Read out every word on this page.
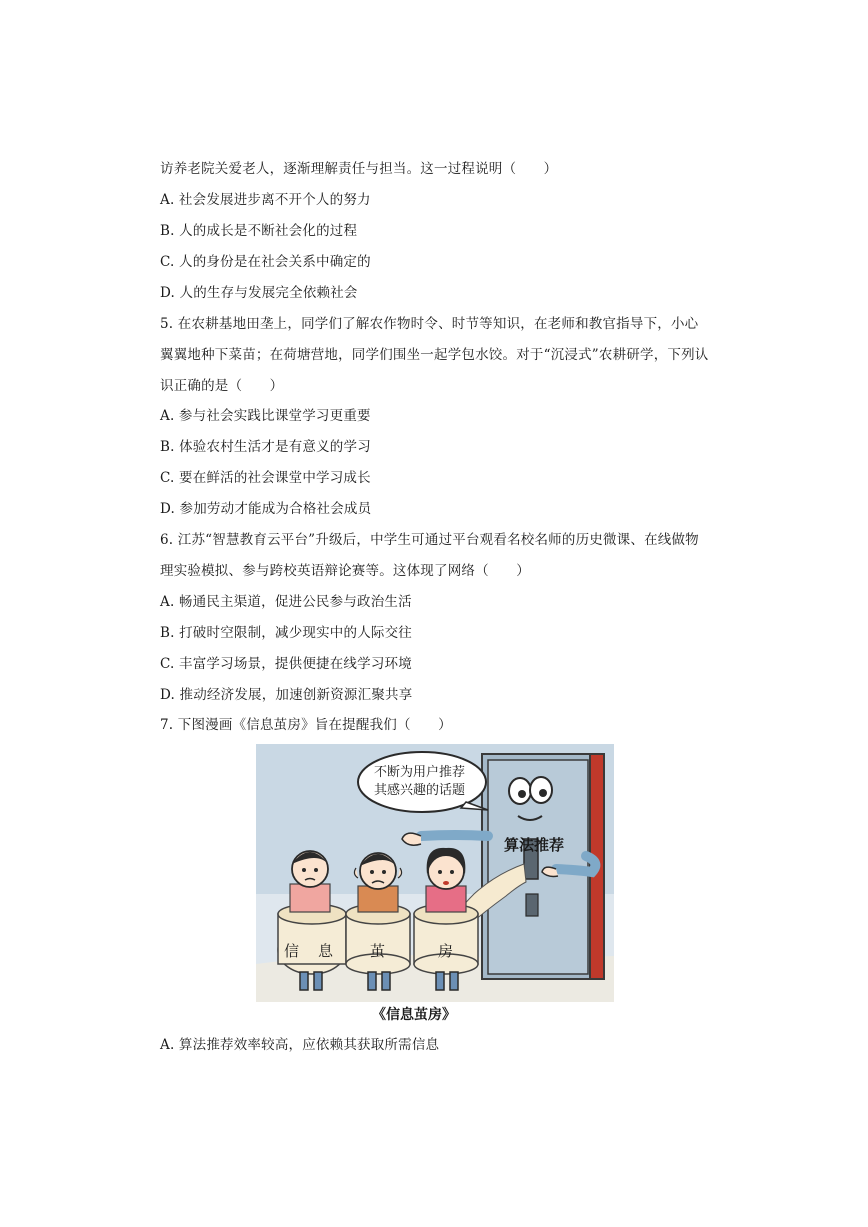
访养老院关爱老人，逐渐理解责任与担当。这一过程说明（　　）
A. 社会发展进步离不开个人的努力
B. 人的成长是不断社会化的过程
C. 人的身份是在社会关系中确定的
D. 人的生存与发展完全依赖社会
5. 在农耕基地田垄上，同学们了解农作物时令、时节等知识，在老师和教官指导下，小心
翼翼地种下菜苗；在荷塘营地，同学们围坐一起学包水饺。对于“沉浸式”农耕研学，下列认
识正确的是（　　）
A. 参与社会实践比课堂学习更重要
B. 体验农村生活才是有意义的学习
C. 要在鲜活的社会课堂中学习成长
D. 参加劳动才能成为合格社会成员
6. 江苏“智慧教育云平台”升级后，中学生可通过平台观看名校名师的历史微课、在线做物
理实验模拟、参与跨校英语辩论赛等。这体现了网络（　　）
A. 畅通民主渠道，促进公民参与政治生活
B. 打破时空限制，减少现实中的人际交往
C. 丰富学习场景，提供便捷在线学习环境
D. 推动经济发展，加速创新资源汇聚共享
7. 下图漫画《信息茧房》旨在提醒我们（　　）
算法推荐
不断为用户推荐
其感兴趣的话题
信 息 茧	房
《信息茧房》
A. 算法推荐效率较高，应依赖其获取所需信息
